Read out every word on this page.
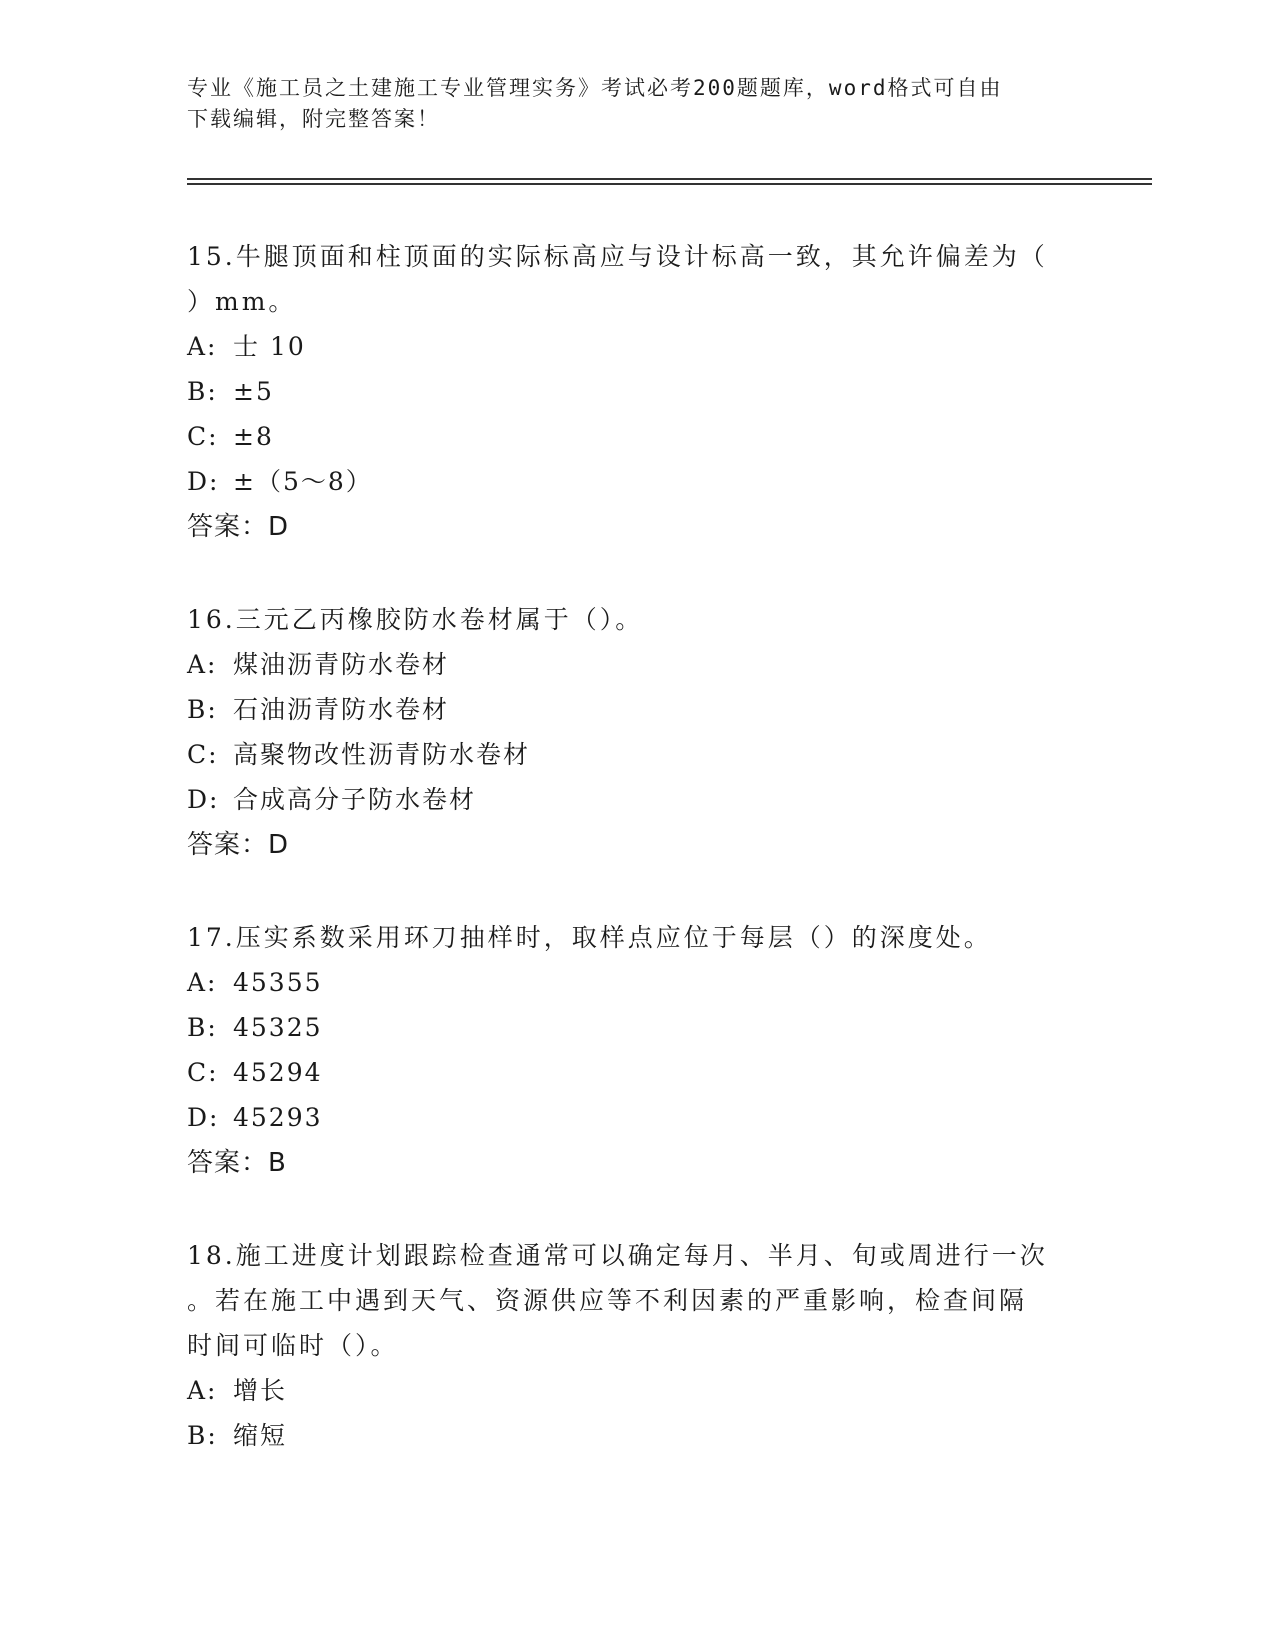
专业《施工员之土建施工专业管理实务》考试必考200题题库，word格式可自由
下载编辑，附完整答案！

15.牛腿顶面和柱顶面的实际标高应与设计标高一致，其允许偏差为（

）mm。

A: 士 10

B: ±5

C: ±8

D: ±（5～8）

答案：D

16.三元乙丙橡胶防水卷材属于（）。

A: 煤油沥青防水卷材

B: 石油沥青防水卷材

C: 高聚物改性沥青防水卷材

D: 合成高分子防水卷材

答案：D

17.压实系数采用环刀抽样时，取样点应位于每层（）的深度处。

A: 45355

B: 45325

C: 45294

D: 45293

答案：B

18.施工进度计划跟踪检查通常可以确定每月、半月、旬或周进行一次

。若在施工中遇到天气、资源供应等不利因素的严重影响，检查间隔

时间可临时（）。

A: 增长

B: 缩短
